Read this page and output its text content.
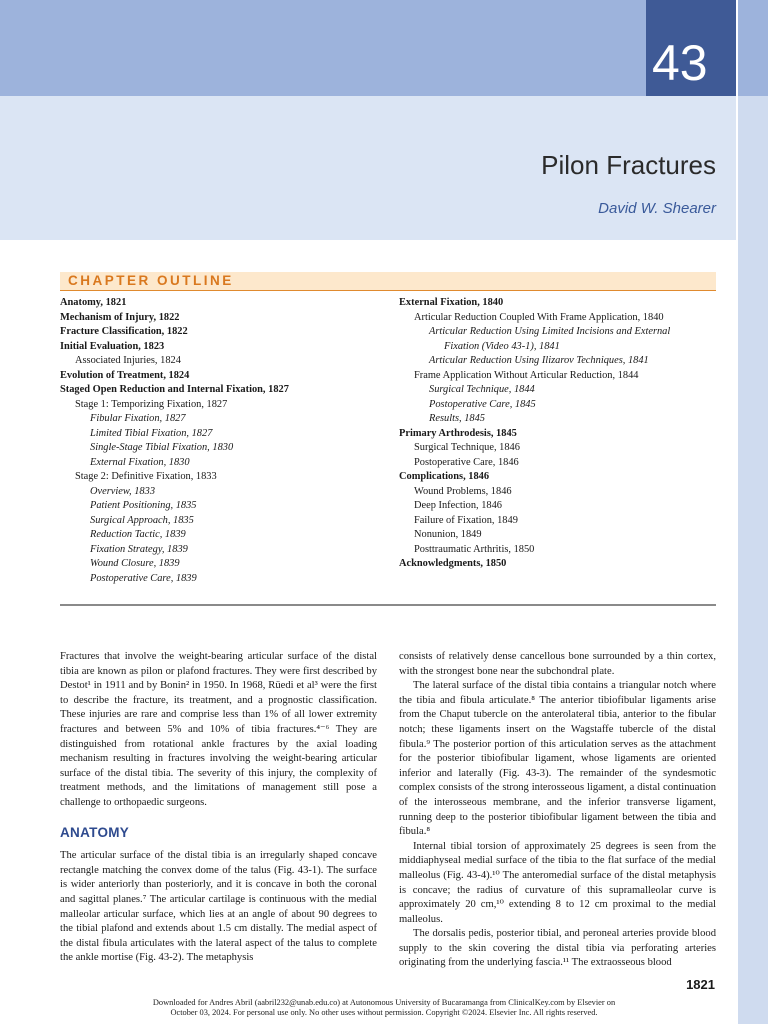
43
Pilon Fractures
David W. Shearer
CHAPTER OUTLINE
Anatomy, 1821
Mechanism of Injury, 1822
Fracture Classification, 1822
Initial Evaluation, 1823
Associated Injuries, 1824
Evolution of Treatment, 1824
Staged Open Reduction and Internal Fixation, 1827
Stage 1: Temporizing Fixation, 1827
Fibular Fixation, 1827
Limited Tibial Fixation, 1827
Single-Stage Tibial Fixation, 1830
External Fixation, 1830
Stage 2: Definitive Fixation, 1833
Overview, 1833
Patient Positioning, 1835
Surgical Approach, 1835
Reduction Tactic, 1839
Fixation Strategy, 1839
Wound Closure, 1839
Postoperative Care, 1839
External Fixation, 1840
Articular Reduction Coupled With Frame Application, 1840
Articular Reduction Using Limited Incisions and External
Fixation (Video 43-1), 1841
Articular Reduction Using Ilizarov Techniques, 1841
Frame Application Without Articular Reduction, 1844
Surgical Technique, 1844
Postoperative Care, 1845
Results, 1845
Primary Arthrodesis, 1845
Surgical Technique, 1846
Postoperative Care, 1846
Complications, 1846
Wound Problems, 1846
Deep Infection, 1846
Failure of Fixation, 1849
Nonunion, 1849
Posttraumatic Arthritis, 1850
Acknowledgments, 1850

Fractures that involve the weight-bearing articular surface of the distal tibia are known as pilon or plafond fractures. They were first described by Destot¹ in 1911 and by Bonin² in 1950. In 1968, Rüedi et al³ were the first to describe the fracture, its treatment, and a prognostic classification. These injuries are rare and comprise less than 1% of all lower extremity fractures and between 5% and 10% of tibia fractures.⁴⁻⁶ They are distinguished from rotational ankle fractures by the axial loading mechanism resulting in fractures involving the weight-bearing articular surface of the distal tibia. The severity of this injury, the complexity of treatment methods, and the limitations of management still pose a challenge to orthopaedic surgeons.

ANATOMY

The articular surface of the distal tibia is an irregularly shaped concave rectangle matching the convex dome of the talus (Fig. 43-1). The surface is wider anteriorly than posteriorly, and it is concave in both the coronal and sagittal planes.⁷ The articular cartilage is continuous with the medial malleolar articular surface, which lies at an angle of about 90 degrees to the tibial plafond and extends about 1.5 cm distally. The medial aspect of the distal fibula articulates with the lateral aspect of the talus to complete the ankle mortise (Fig. 43-2). The metaphysis

consists of relatively dense cancellous bone surrounded by a thin cortex, with the strongest bone near the subchondral plate.

The lateral surface of the distal tibia contains a triangular notch where the tibia and fibula articulate.⁸ The anterior tibiofibular ligaments arise from the Chaput tubercle on the anterolateral tibia, anterior to the fibular notch; these ligaments insert on the Wagstaffe tubercle of the distal fibula.⁹ The posterior portion of this articulation serves as the attachment for the posterior tibiofibular ligament, whose ligaments are oriented inferior and laterally (Fig. 43-3). The remainder of the syndesmotic complex consists of the strong interosseous ligament, a distal continuation of the interosseous membrane, and the inferior transverse ligament, running deep to the posterior tibiofibular ligament between the tibia and fibula.⁸

Internal tibial torsion of approximately 25 degrees is seen from the middiaphyseal medial surface of the tibia to the flat surface of the medial malleolus (Fig. 43-4).¹⁰ The anteromedial surface of the distal metaphysis is concave; the radius of curvature of this supramalleolar curve is approximately 20 cm,¹⁰ extending 8 to 12 cm proximal to the medial malleolus.

The dorsalis pedis, posterior tibial, and peroneal arteries provide blood supply to the skin covering the distal tibia via perforating arteries originating from the underlying fascia.¹¹ The extraosseous blood

1821
Downloaded for Andres Abril (aabril232@unab.edu.co) at Autonomous University of Bucaramanga from ClinicalKey.com by Elsevier on
October 03, 2024. For personal use only. No other uses without permission. Copyright ©2024. Elsevier Inc. All rights reserved.
